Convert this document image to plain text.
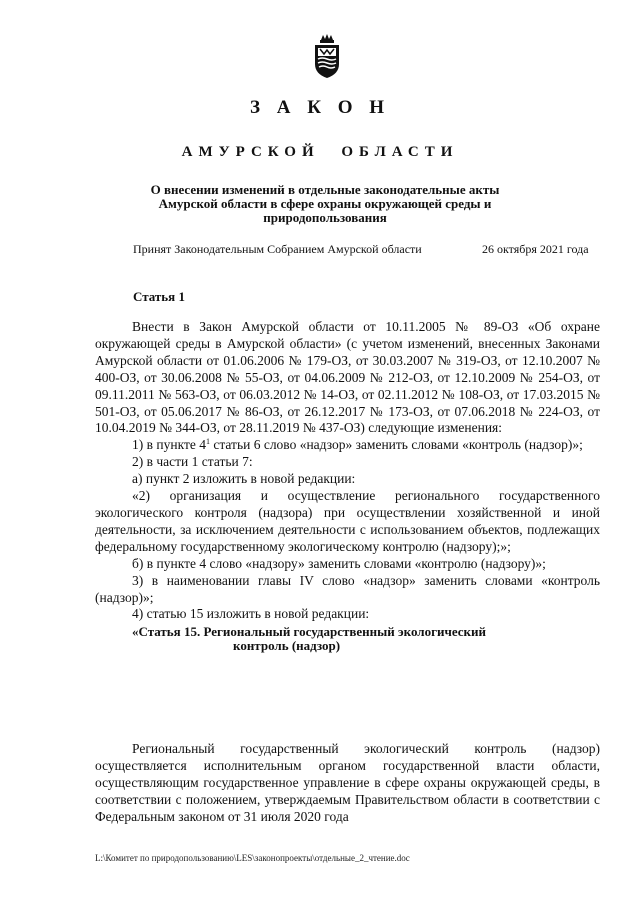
З А К О Н
АМУРСКОЙ ОБЛАСТИ
О внесении изменений в отдельные законодательные акты
Амурской области в сфере охраны окружающей среды и
природопользования
Принят Законодательным Собранием Амурской области	26 октября 2021 года
Статья 1

Внести в Закон Амурской области от 10.11.2005 № 89-ОЗ «Об охране окружающей среды в Амурской области» (с учетом изменений, внесенных Законами Амурской области от 01.06.2006 № 179-ОЗ, от 30.03.2007 № 319-ОЗ, от 12.10.2007 № 400-ОЗ, от 30.06.2008 № 55-ОЗ, от 04.06.2009 № 212-ОЗ, от 12.10.2009 № 254-ОЗ, от 09.11.2011 № 563-ОЗ, от 06.03.2012 № 14-ОЗ, от 02.11.2012 № 108-ОЗ, от 17.03.2015 № 501-ОЗ, от 05.06.2017 № 86-ОЗ, от 26.12.2017 № 173-ОЗ, от 07.06.2018 № 224-ОЗ, от 10.04.2019 № 344-ОЗ, от 28.11.2019 № 437-ОЗ) следующие изменения:

1) в пункте $4^1$ статьи 6 слово «надзор» заменить словами «контроль (надзор)»;

2) в части 1 статьи 7:

а) пункт 2 изложить в новой редакции:

«2) организация и осуществление регионального государственного экологического контроля (надзора) при осуществлении хозяйственной и иной деятельности, за исключением деятельности с использованием объектов, подлежащих федеральному государственному экологическому контролю (надзору);»;

б) в пункте 4 слово «надзору» заменить словами «контролю (надзору)»;

3) в наименовании главы IV слово «надзор» заменить словами «контроль (надзор)»;

4) статью 15 изложить в новой редакции:

«Статья 15. Региональный государственный экологический
контроль (надзор)

Региональный государственный экологический контроль (надзор) осуществляется исполнительным органом государственной власти области, осуществляющим государственное управление в сфере охраны окружающей среды, в соответствии с положением, утверждаемым Правительством области в соответствии с Федеральным законом от 31 июля 2020 года

L:\Комитет по природопользованию\LES\законопроекты\отдельные_2_чтение.doc
